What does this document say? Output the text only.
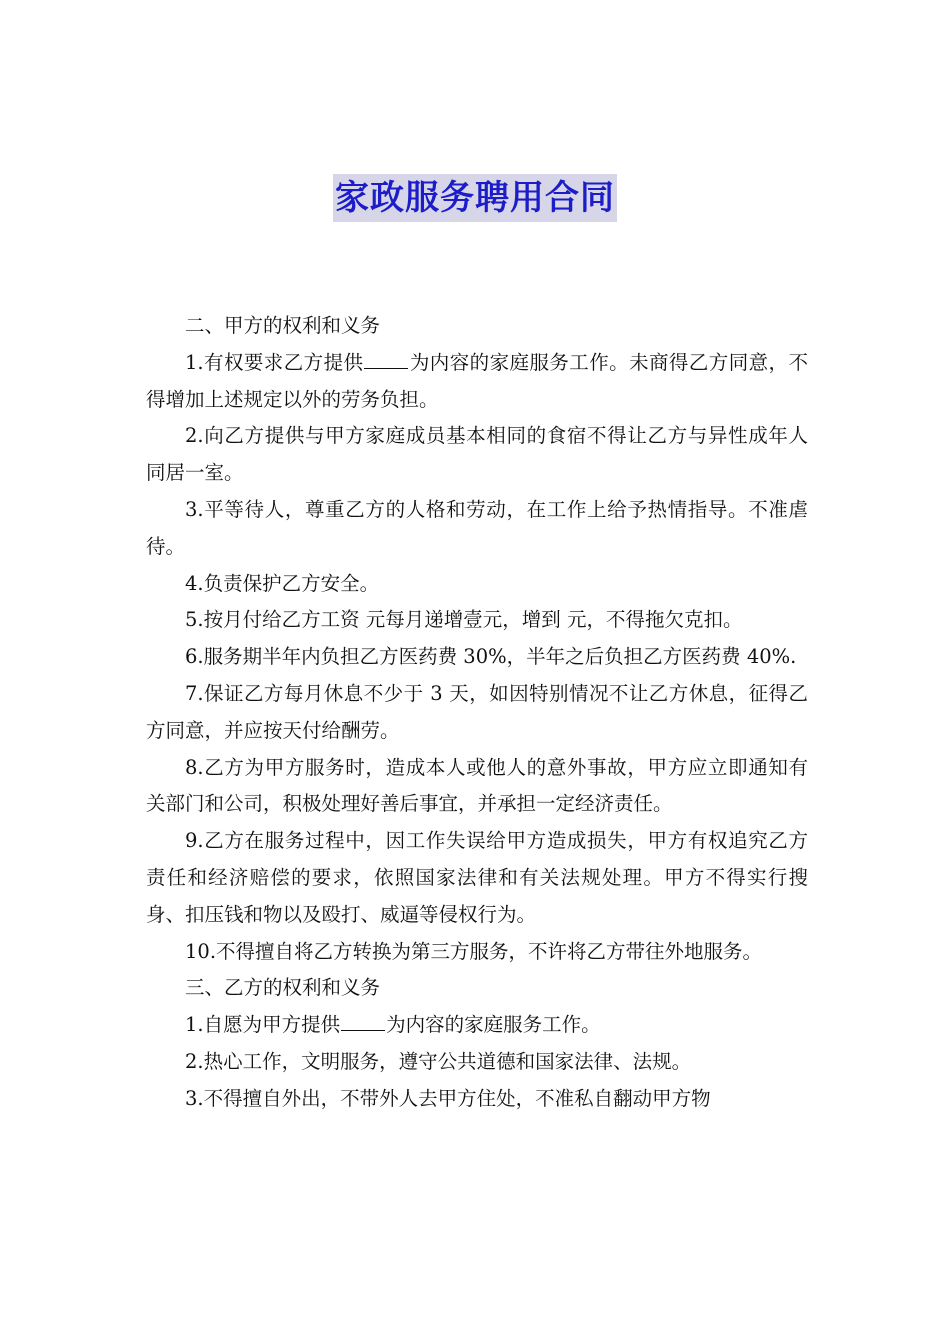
家政服务聘用合同

二、甲方的权利和义务

1.有权要求乙方提供 为内容的家庭服务工作。未商得乙方同意，不得增加上述规定以外的劳务负担。

2.向乙方提供与甲方家庭成员基本相同的食宿不得让乙方与异性成年人同居一室。

3.平等待人，尊重乙方的人格和劳动，在工作上给予热情指导。不准虐待。

4.负责保护乙方安全。

5.按月付给乙方工资 元每月递增壹元，增到 元，不得拖欠克扣。

6.服务期半年内负担乙方医药费 30%，半年之后负担乙方医药费 40%.

7.保证乙方每月休息不少于 3 天，如因特别情况不让乙方休息，征得乙方同意，并应按天付给酬劳。

8.乙方为甲方服务时，造成本人或他人的意外事故，甲方应立即通知有关部门和公司，积极处理好善后事宜，并承担一定经济责任。

9.乙方在服务过程中，因工作失误给甲方造成损失，甲方有权追究乙方责任和经济赔偿的要求，依照国家法律和有关法规处理。甲方不得实行搜身、扣压钱和物以及殴打、威逼等侵权行为。

10.不得擅自将乙方转换为第三方服务，不许将乙方带往外地服务。

三、乙方的权利和义务

1.自愿为甲方提供 为内容的家庭服务工作。

2.热心工作，文明服务，遵守公共道德和国家法律、法规。

3.不得擅自外出，不带外人去甲方住处，不准私自翻动甲方物
